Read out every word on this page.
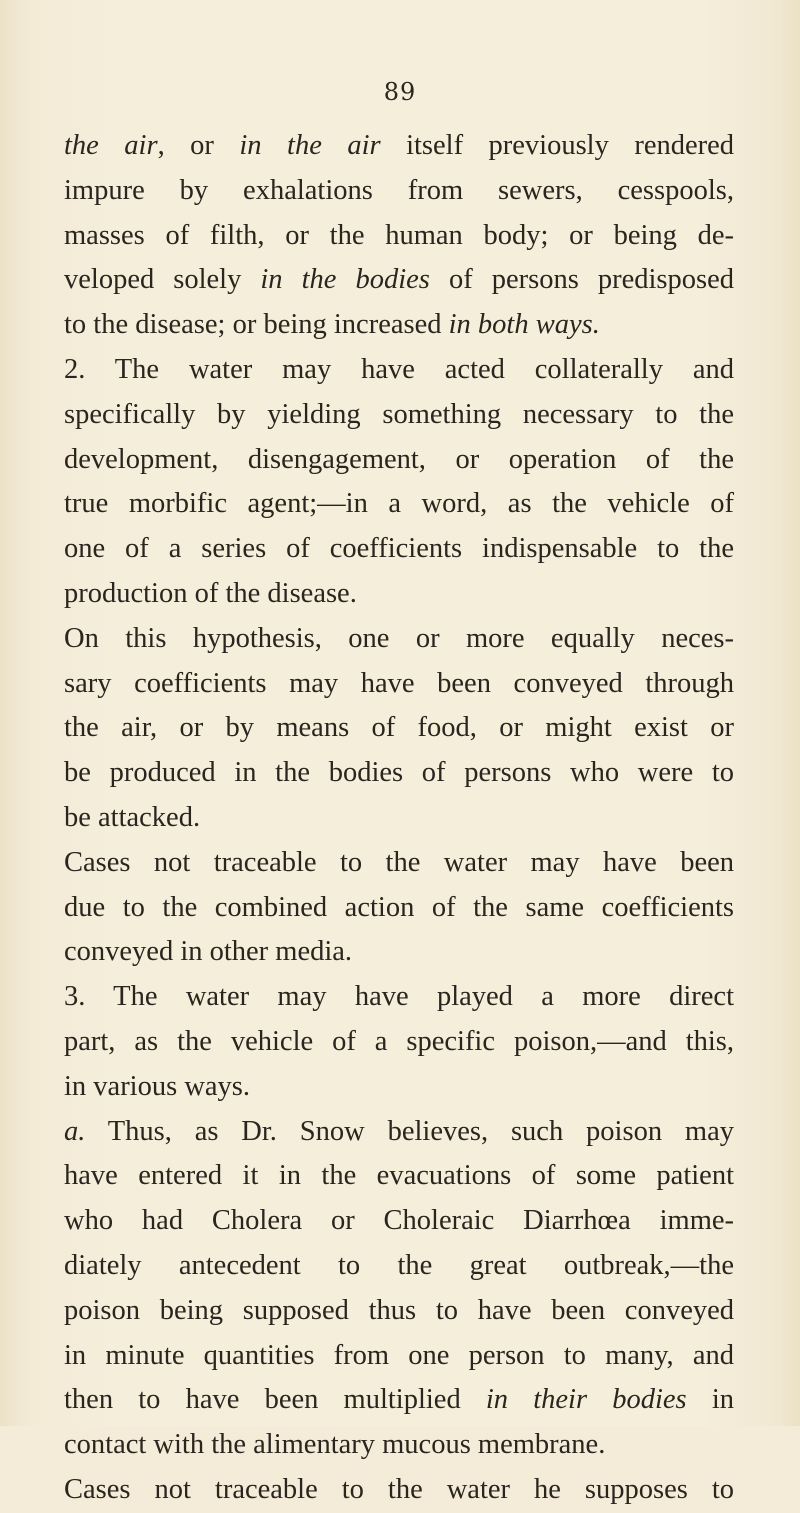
89
the air, or in the air itself previously rendered
impure by exhalations from sewers, cesspools,
masses of filth, or the human body; or being de-
veloped solely in the bodies of persons predisposed
to the disease; or being increased in both ways.
2. The water may have acted collaterally and
specifically by yielding something necessary to the
development, disengagement, or operation of the
true morbific agent;—in a word, as the vehicle of
one of a series of coefficients indispensable to the
production of the disease.
On this hypothesis, one or more equally neces-
sary coefficients may have been conveyed through
the air, or by means of food, or might exist or
be produced in the bodies of persons who were to
be attacked.
Cases not traceable to the water may have been
due to the combined action of the same coefficients
conveyed in other media.
3. The water may have played a more direct
part, as the vehicle of a specific poison,—and this,
in various ways.
a. Thus, as Dr. Snow believes, such poison may
have entered it in the evacuations of some patient
who had Cholera or Choleraic Diarrhœa imme-
diately antecedent to the great outbreak,—the
poison being supposed thus to have been conveyed
in minute quantities from one person to many, and
then to have been multiplied in their bodies in
contact with the alimentary mucous membrane.
Cases not traceable to the water he supposes to
